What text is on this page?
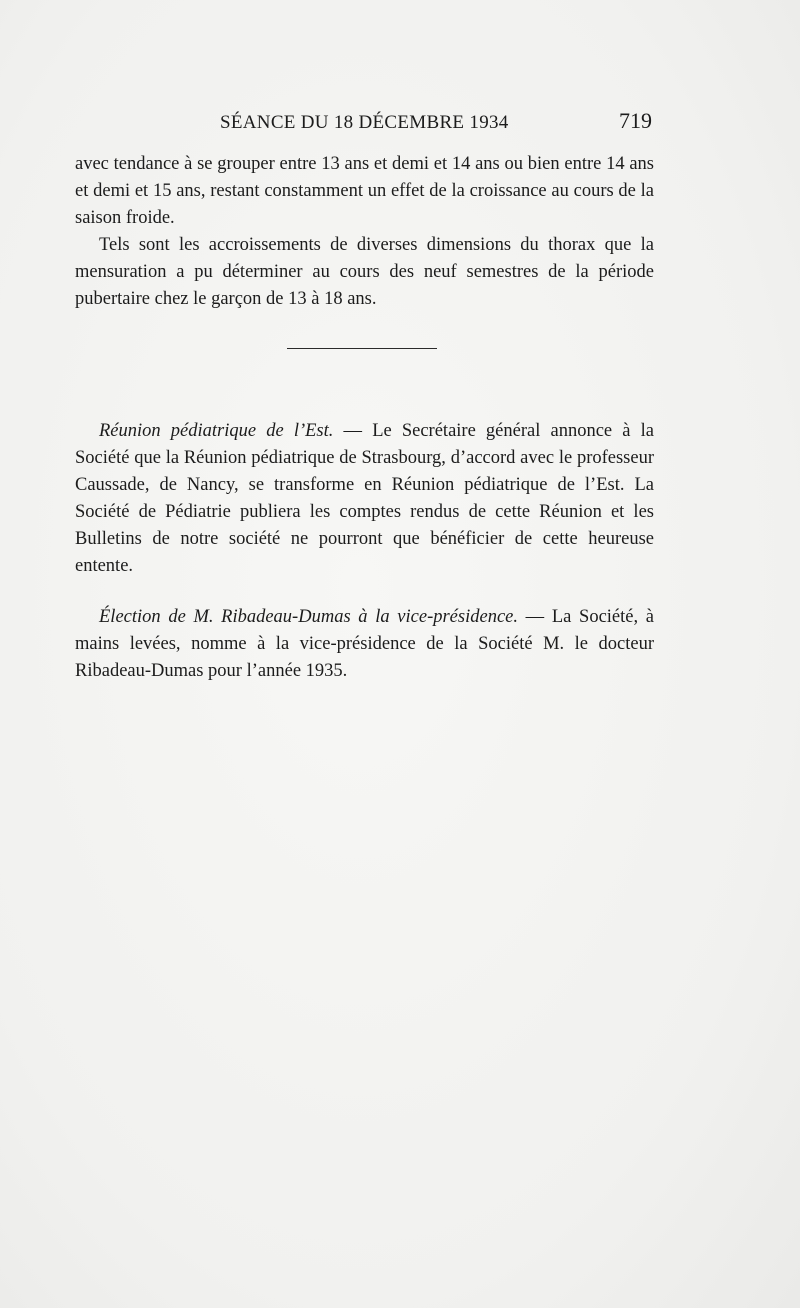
SÉANCE DU 18 DÉCEMBRE 1934	719

avec tendance à se grouper entre 13 ans et demi et 14 ans ou bien entre 14 ans et demi et 15 ans, restant constamment un effet de la croissance au cours de la saison froide.

Tels sont les accroissements de diverses dimensions du thorax que la mensuration a pu déterminer au cours des neuf semestres de la période pubertaire chez le garçon de 13 à 18 ans.

Réunion pédiatrique de l’Est. — Le Secrétaire général annonce à la Société que la Réunion pédiatrique de Strasbourg, d’accord avec le professeur Caussade, de Nancy, se transforme en Réunion pédiatrique de l’Est. La Société de Pédiatrie publiera les comptes rendus de cette Réunion et les Bulletins de notre société ne pourront que bénéficier de cette heureuse entente.

Élection de M. Ribadeau-Dumas à la vice-présidence. — La Société, à mains levées, nomme à la vice-présidence de la Société M. le docteur Ribadeau-Dumas pour l’année 1935.
